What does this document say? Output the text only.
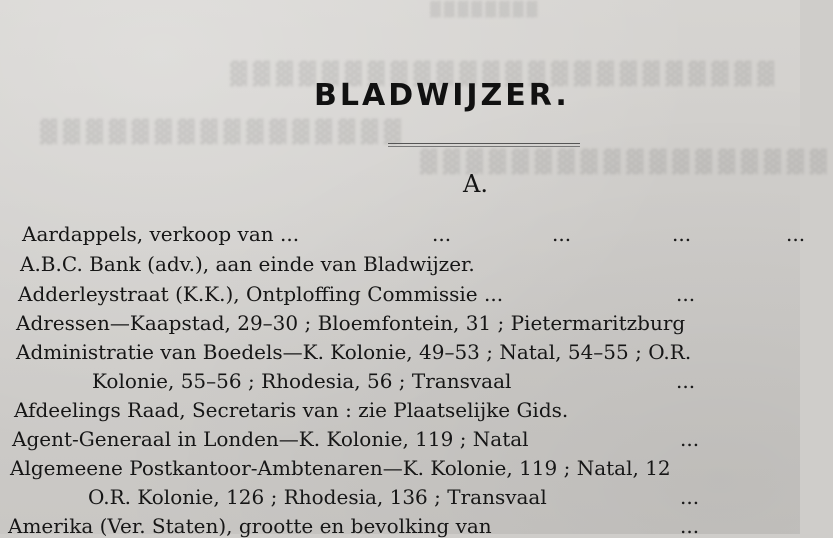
▓▓▓▓▓▓▓▓
▓▓▓▓▓▓▓▓▓▓▓▓▓▓▓▓▓▓▓▓▓▓▓▓
▓▓▓▓▓▓▓▓▓▓▓▓▓▓▓▓
▓▓▓▓▓▓▓▓▓▓▓▓▓▓▓▓▓▓
BLADWIJZER.
A.
Aardappels, verkoop van ...	...	...	...	...
A.B.C. Bank (adv.), aan einde van Bladwijzer.
Adderleystraat (K.K.), Ontploffing Commissie ...	...
Adressen—Kaapstad, 29–30 ; Bloemfontein, 31 ; Pietermaritzburg
Administratie van Boedels—K. Kolonie, 49–53 ; Natal, 54–55 ; O.R.
Kolonie, 55–56 ; Rhodesia, 56 ; Transvaal	...
Afdeelings Raad, Secretaris van : zie Plaatselijke Gids.
Agent-Generaal in Londen—K. Kolonie, 119 ; Natal	...
Algemeene Postkantoor-Ambtenaren—K. Kolonie, 119 ; Natal, 12
O.R. Kolonie, 126 ; Rhodesia, 136 ; Transvaal	...
Amerika (Ver. Staten), grootte en bevolking van	...
